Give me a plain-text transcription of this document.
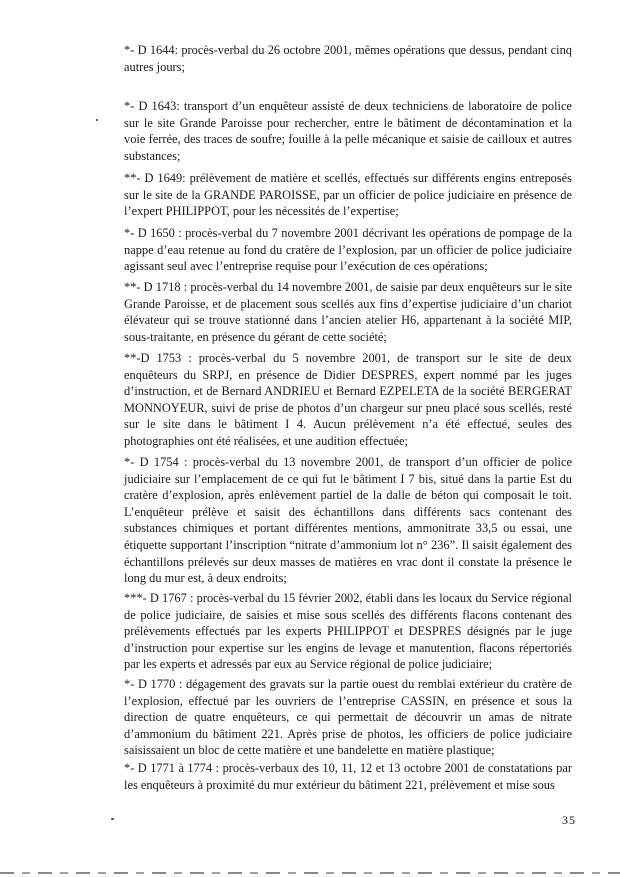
*- D 1644: procès-verbal du 26 octobre 2001, mêmes opérations que dessus, pendant cinq autres jours;

*- D 1643: transport d’un enquêteur assisté de deux techniciens de laboratoire de police sur le site Grande Paroisse pour rechercher, entre le bâtiment de décontamination et la voie ferrée, des traces de soufre; fouille à la pelle mécanique et saisie de cailloux et autres substances;

**- D 1649: prélèvement de matière et scellés, effectués sur différents engins entreposés sur le site de la GRANDE PAROISSE, par un officier de police judiciaire en présence de l’expert PHILIPPOT, pour les nécessités de l’expertise;

*- D 1650 : procès-verbal du 7 novembre 2001 décrivant les opérations de pompage de la nappe d’eau retenue au fond du cratère de l’explosion, par un officier de police judiciaire agissant seul avec l’entreprise requise pour l’exécution de ces opérations;

**- D 1718 : procès-verbal du 14 novembre 2001, de saisie par deux enquêteurs sur le site Grande Paroisse, et de placement sous scellés aux fins d’expertise judiciaire d’un chariot élévateur qui se trouve stationné dans l’ancien atelier H6, appartenant à la société MIP, sous-traitante, en présence du gérant de cette société;

**-D 1753 : procès-verbal du 5 novembre 2001, de transport sur le site de deux enquêteurs du SRPJ, en présence de Didier DESPRES, expert nommé par les juges d’instruction, et de Bernard ANDRIEU et Bernard EZPELETA de la société BERGERAT MONNOYEUR, suivi de prise de photos d’un chargeur sur pneu placé sous scellés, resté sur le site dans le bâtiment I 4. Aucun prélèvement n’a été effectué, seules des photographies ont été réalisées, et une audition effectuée;

*- D 1754 : procès-verbal du 13 novembre 2001, de transport d’un officier de police judiciaire sur l’emplacement de ce qui fut le bâtiment I 7 bis, situé dans la partie Est du cratère d’explosion, après enlèvement partiel de la dalle de béton qui composait le toit. L’enquêteur prélève et saisit des échantillons dans différents sacs contenant des substances chimiques et portant différentes mentions, ammonitrate 33,5 ou essai, une étiquette supportant l’inscription “nitrate d’ammonium lot n° 236”. Il saisit également des échantillons prélevés sur deux masses de matières en vrac dont il constate la présence le long du mur est, à deux endroits;

***- D 1767 : procès-verbal du 15 février 2002, établi dans les locaux du Service régional de police judiciaire, de saisies et mise sous scellés des différents flacons contenant des prélèvements effectués par les experts PHILIPPOT et DESPRES désignés par le juge d’instruction pour expertise sur les engins de levage et manutention, flacons répertoriés par les experts et adressés par eux au Service régional de police judiciaire;

*- D 1770 : dégagement des gravats sur la partie ouest du remblai extérieur du cratère de l’explosion, effectué par les ouvriers de l’entreprise CASSIN, en présence et sous la direction de quatre enquêteurs, ce qui permettait de découvrir un amas de nitrate d’ammonium du bâtiment 221. Après prise de photos, les officiers de police judiciaire saisissaient un bloc de cette matière et une bandelette en matière plastique;

*- D 1771 à 1774 : procès-verbaux des 10, 11, 12 et 13 octobre 2001 de constatations par les enquêteurs à proximité du mur extérieur du bâtiment 221, prélèvement et mise sous

35
